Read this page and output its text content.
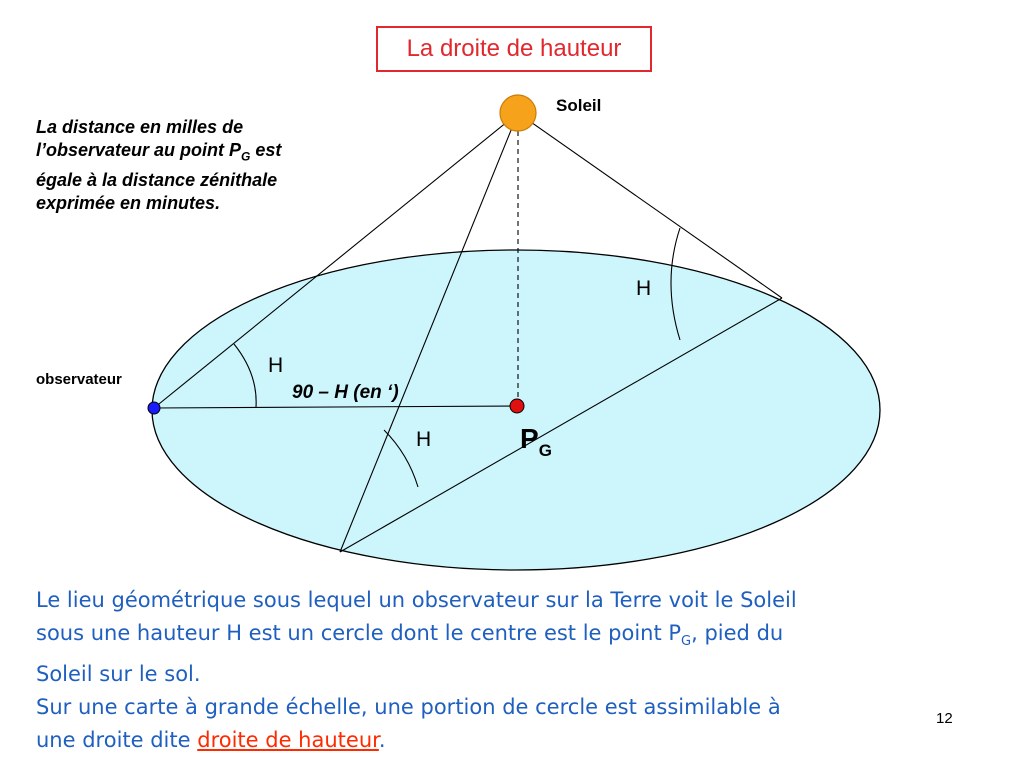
La droite de hauteur
La distance en milles de
l’observateur au point $P_G$ est
égale à la distance zénithale
exprimée en minutes.
Soleil
observateur
H
H
H
90 – H (en ‘)
$P_G$
Le lieu géométrique sous lequel un observateur sur la Terre voit le Soleil
sous une hauteur H est un cercle dont le centre est le point $P_G$, pied du
Soleil sur le sol.
Sur une carte à grande échelle, une portion de cercle est assimilable à
une droite dite droite de hauteur.
12
